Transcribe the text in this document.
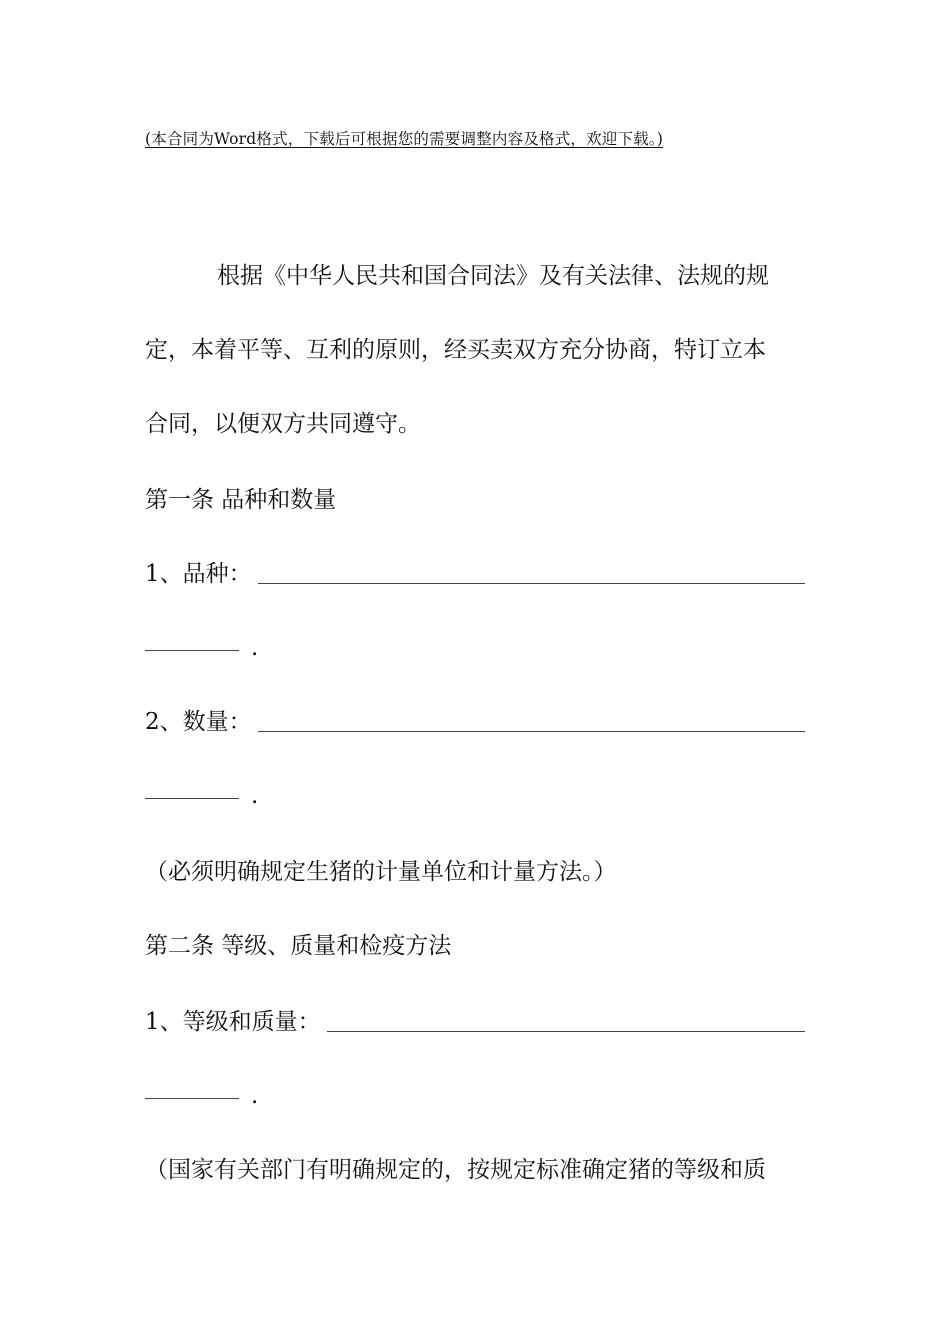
(本合同为Word格式，下载后可根据您的需要调整内容及格式，欢迎下载。)
根据《中华人民共和国合同法》及有关法律、法规的规
定，本着平等、互利的原则，经买卖双方充分协商，特订立本
合同，以便双方共同遵守。
第一条 品种和数量
1、品种：
.
2、数量：
.
（必须明确规定生猪的计量单位和计量方法。）
第二条 等级、质量和检疫方法
1、等级和质量：
.
（国家有关部门有明确规定的，按规定标准确定猪的等级和质
